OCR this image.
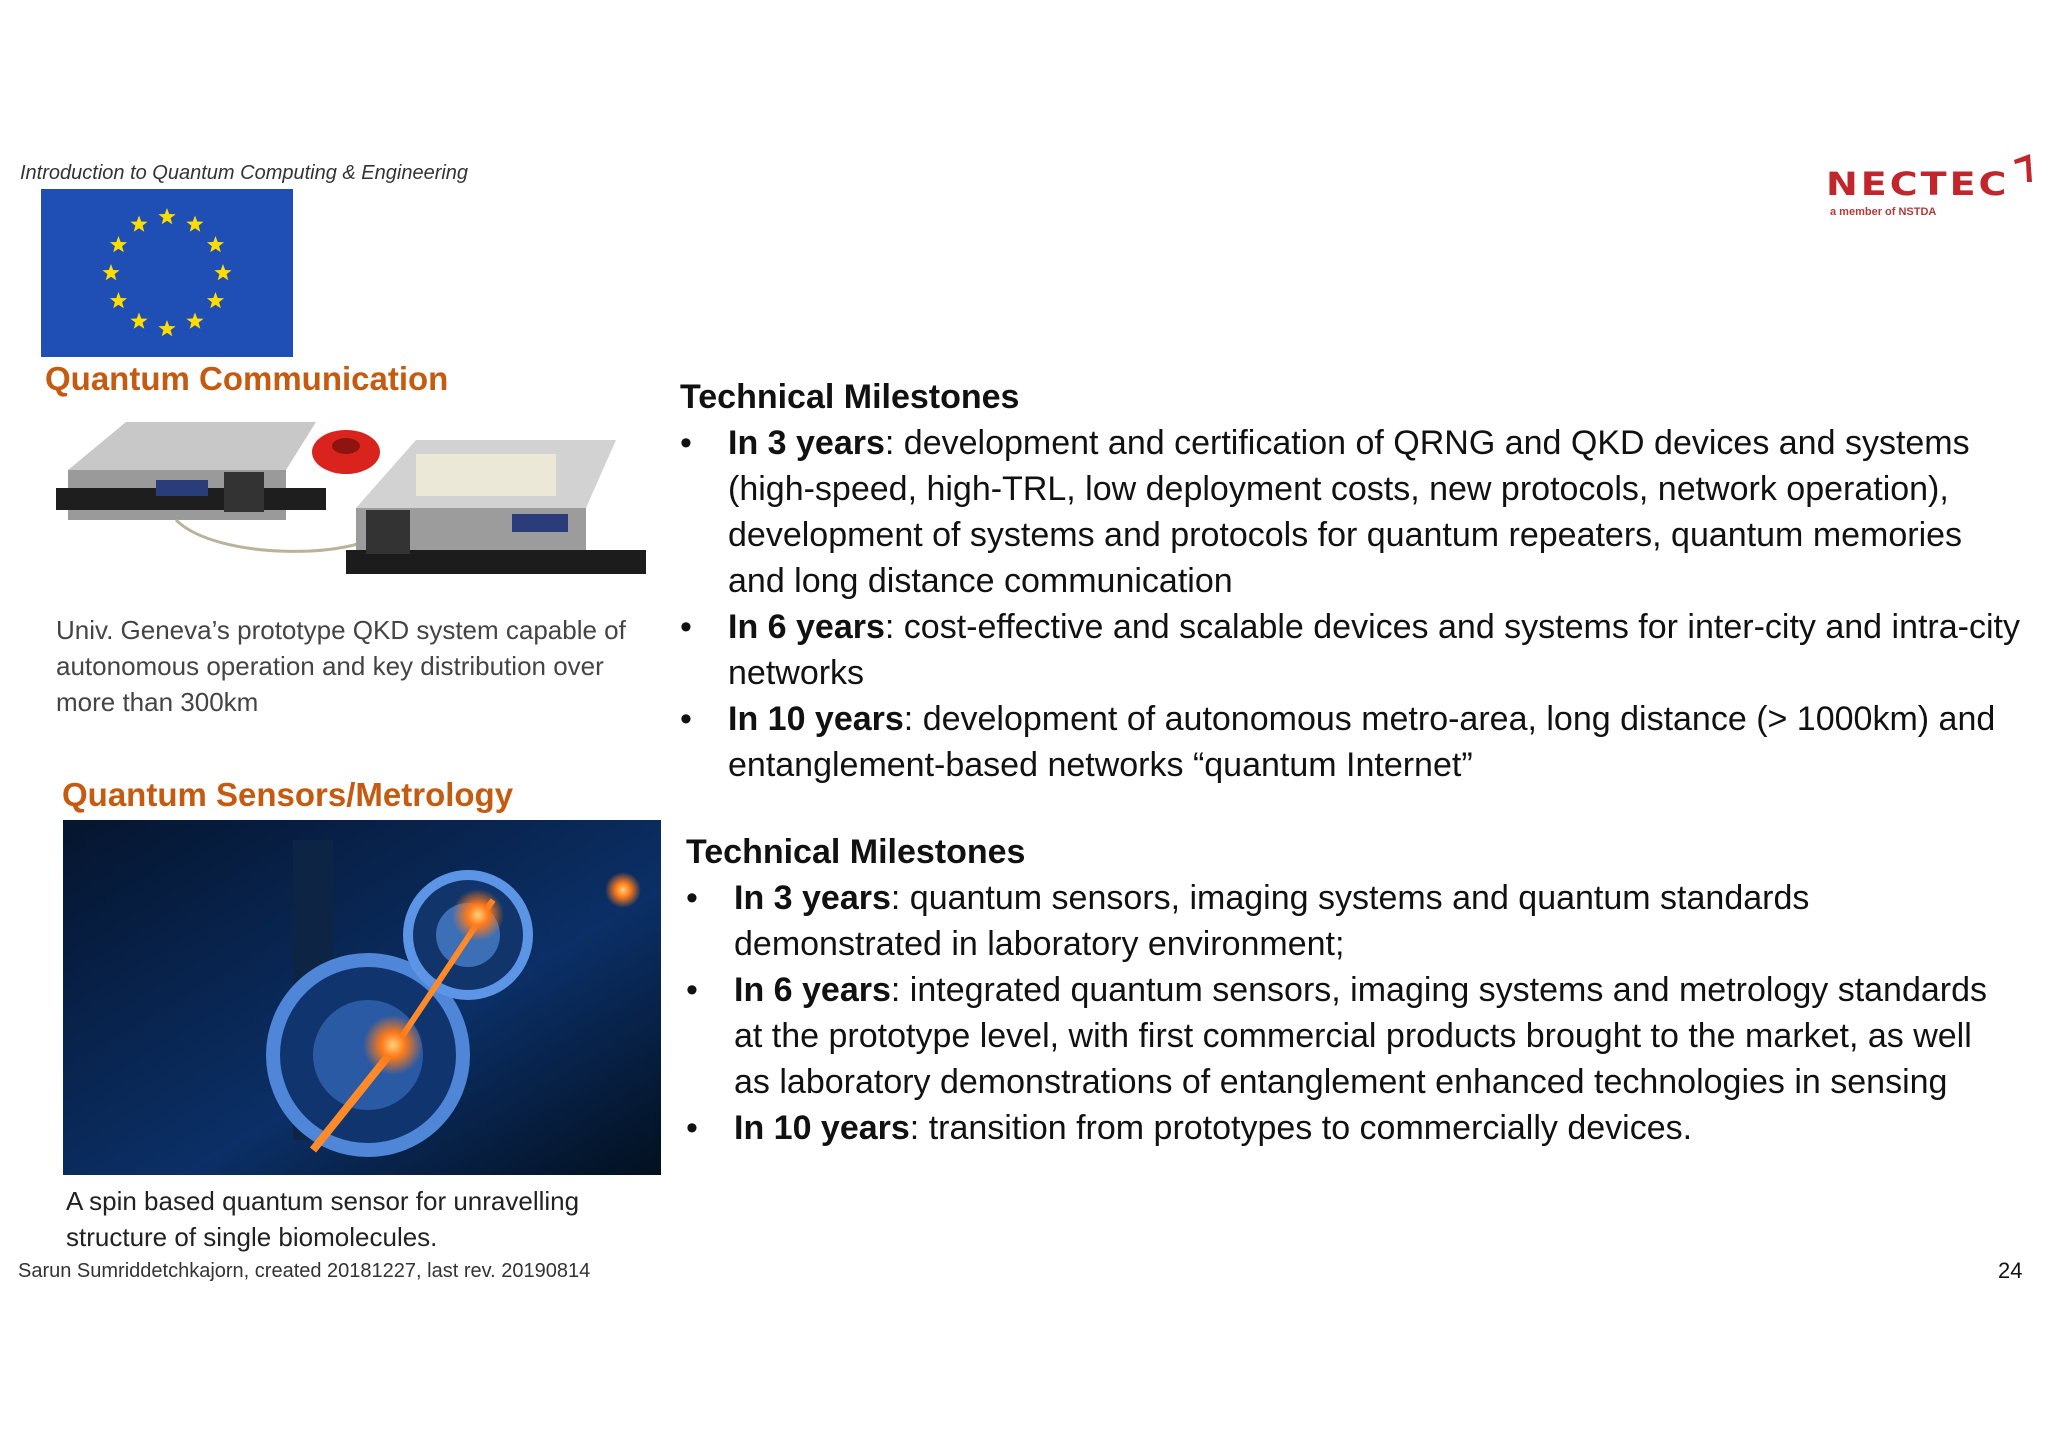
Introduction to Quantum Computing & Engineering	NECTEC
a member of NSTDA
Quantum Communication
Univ. Geneva’s prototype QKD system capable of autonomous operation and key distribution over more than 300km
Quantum Sensors/Metrology
A spin based quantum sensor for unravelling structure of single biomolecules.
Technical Milestones
• In 3 years: development and certification of QRNG and QKD devices and systems (high-speed, high-TRL, low deployment costs, new protocols, network operation), development of systems and protocols for quantum repeaters, quantum memories and long distance communication
• In 6 years: cost-effective and scalable devices and systems for inter-city and intra-city networks
• In 10 years: development of autonomous metro-area, long distance (> 1000km) and entanglement-based networks “quantum Internet”
Technical Milestones
• In 3 years: quantum sensors, imaging systems and quantum standards demonstrated in laboratory environment;
• In 6 years: integrated quantum sensors, imaging systems and metrology standards at the prototype level, with first commercial products brought to the market, as well as laboratory demonstrations of entanglement enhanced technologies in sensing
• In 10 years: transition from prototypes to commercially devices.
Sarun Sumriddetchkajorn, created 20181227, last rev. 20190814	24
